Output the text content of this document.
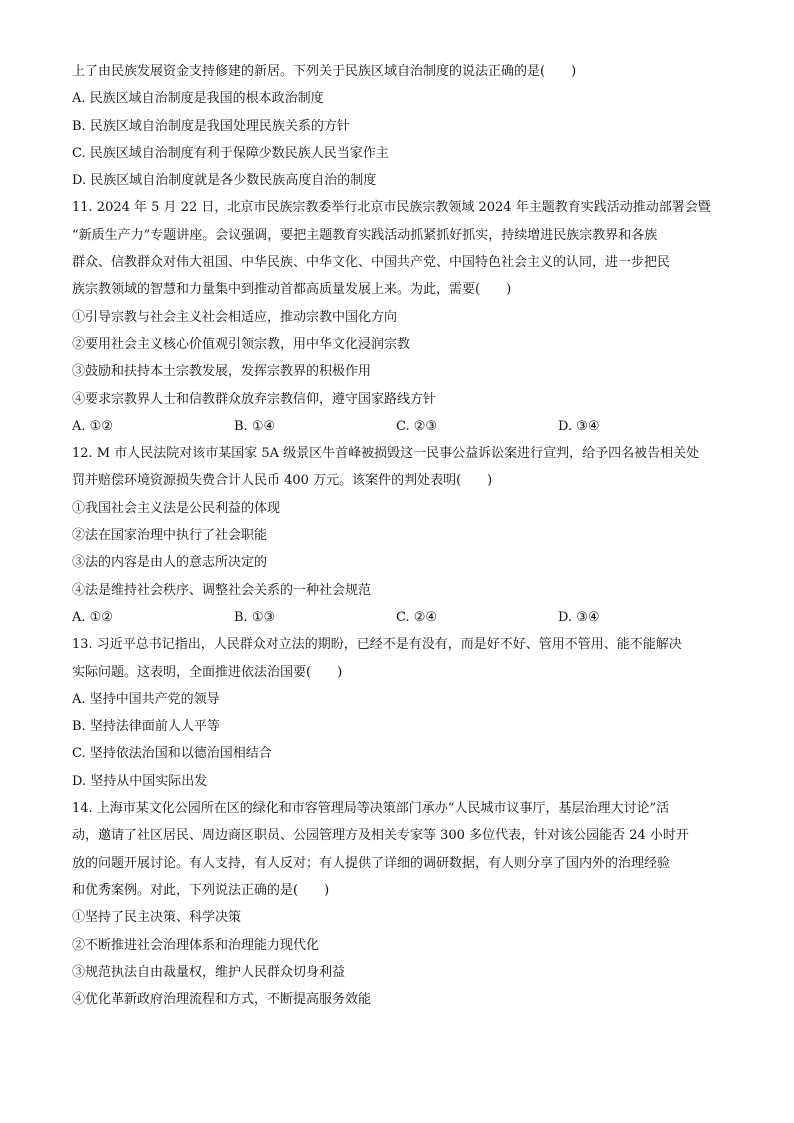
上了由民族发展资金支持修建的新居。下列关于民族区域自治制度的说法正确的是(　　)
A. 民族区域自治制度是我国的根本政治制度
B. 民族区域自治制度是我国处理民族关系的方针
C. 民族区域自治制度有利于保障少数民族人民当家作主
D. 民族区域自治制度就是各少数民族高度自治的制度
11. 2024 年 5 月 22 日，北京市民族宗教委举行北京市民族宗教领域 2024 年主题教育实践活动推动部署会暨
“新质生产力”专题讲座。会议强调，要把主题教育实践活动抓紧抓好抓实，持续增进民族宗教界和各族
群众、信教群众对伟大祖国、中华民族、中华文化、中国共产党、中国特色社会主义的认同，进一步把民
族宗教领域的智慧和力量集中到推动首都高质量发展上来。为此，需要(　　)
①引导宗教与社会主义社会相适应，推动宗教中国化方向
②要用社会主义核心价值观引领宗教，用中华文化浸润宗教
③鼓励和扶持本土宗教发展，发挥宗教界的积极作用
④要求宗教界人士和信教群众放弃宗教信仰，遵守国家路线方针
A. ①②	B. ①④	C. ②③	D. ③④
12. M 市人民法院对该市某国家 5A 级景区牛首峰被损毁这一民事公益诉讼案进行宣判，给予四名被告相关处
罚并赔偿环境资源损失费合计人民币 400 万元。该案件的判处表明(　　)
①我国社会主义法是公民利益的体现
②法在国家治理中执行了社会职能
③法的内容是由人的意志所决定的
④法是维持社会秩序、调整社会关系的一种社会规范
A. ①②	B. ①③	C. ②④	D. ③④
13. 习近平总书记指出，人民群众对立法的期盼，已经不是有没有，而是好不好、管用不管用、能不能解决
实际问题。这表明，全面推进依法治国要(　　)
A. 坚持中国共产党的领导
B. 坚持法律面前人人平等
C. 坚持依法治国和以德治国相结合
D. 坚持从中国实际出发
14. 上海市某文化公园所在区的绿化和市容管理局等决策部门承办“人民城市议事厅，基层治理大讨论”活
动，邀请了社区居民、周边商区职员、公园管理方及相关专家等 300 多位代表，针对该公园能否 24 小时开
放的问题开展讨论。有人支持，有人反对；有人提供了详细的调研数据，有人则分享了国内外的治理经验
和优秀案例。对此，下列说法正确的是(　　)
①坚持了民主决策、科学决策
②不断推进社会治理体系和治理能力现代化
③规范执法自由裁量权，维护人民群众切身利益
④优化革新政府治理流程和方式，不断提高服务效能
